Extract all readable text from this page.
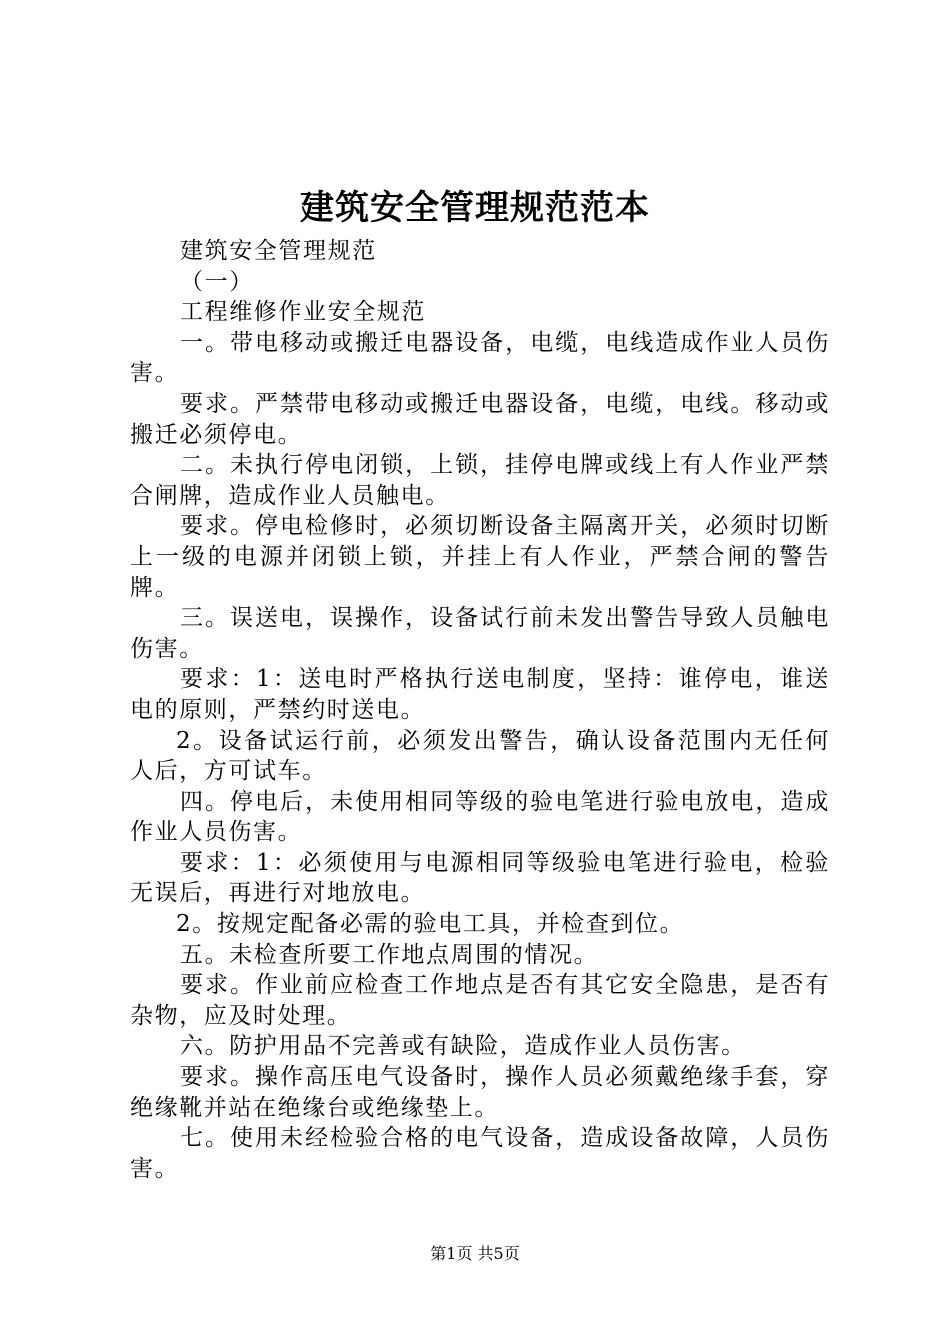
建筑安全管理规范范本

建筑安全管理规范

（一）

工程维修作业安全规范

一。带电移动或搬迁电器设备，电缆，电线造成作业人员伤害。

要求。严禁带电移动或搬迁电器设备，电缆，电线。移动或搬迁必须停电。

二。未执行停电闭锁，上锁，挂停电牌或线上有人作业严禁合闸牌，造成作业人员触电。

要求。停电检修时，必须切断设备主隔离开关，必须时切断上一级的电源并闭锁上锁，并挂上有人作业，严禁合闸的警告牌。

三。误送电，误操作，设备试行前未发出警告导致人员触电伤害。

要求：1：送电时严格执行送电制度，坚持：谁停电，谁送电的原则，严禁约时送电。

2。设备试运行前，必须发出警告，确认设备范围内无任何人后，方可试车。

四。停电后，未使用相同等级的验电笔进行验电放电，造成作业人员伤害。

要求：1：必须使用与电源相同等级验电笔进行验电，检验无误后，再进行对地放电。

2。按规定配备必需的验电工具，并检查到位。

五。未检查所要工作地点周围的情况。

要求。作业前应检查工作地点是否有其它安全隐患，是否有杂物，应及时处理。

六。防护用品不完善或有缺险，造成作业人员伤害。

要求。操作高压电气设备时，操作人员必须戴绝缘手套，穿绝缘靴并站在绝缘台或绝缘垫上。

七。使用未经检验合格的电气设备，造成设备故障，人员伤害。

第1页 共5页
